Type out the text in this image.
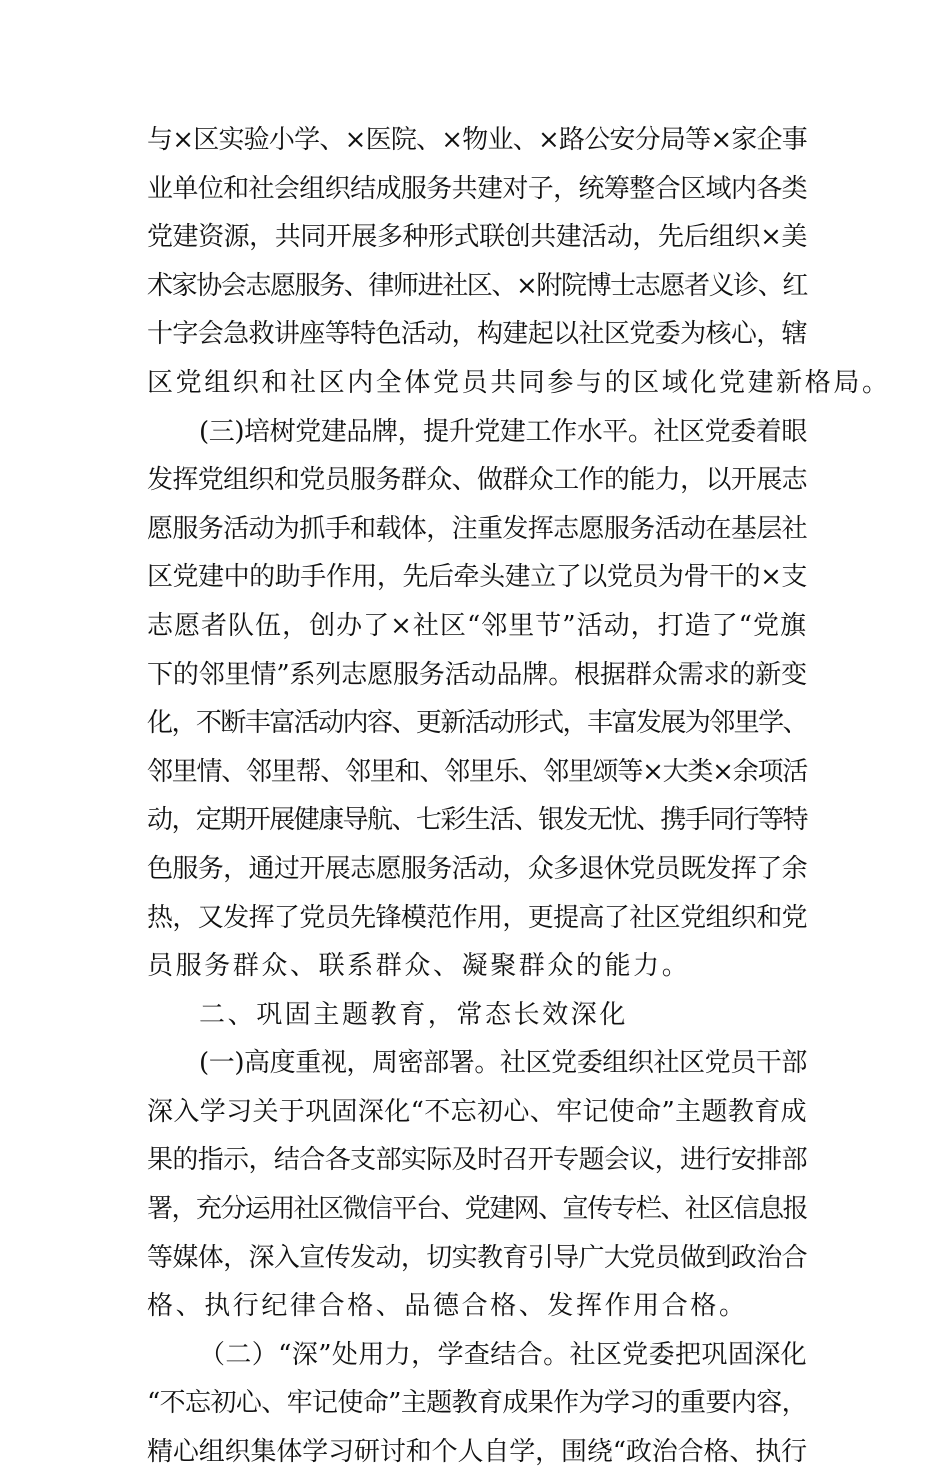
与×区实验小学、×医院、×物业、×路公安分局等×家企事
业单位和社会组织结成服务共建对子，统筹整合区域内各类
党建资源，共同开展多种形式联创共建活动，先后组织×美
术家协会志愿服务、律师进社区、×附院博士志愿者义诊、红
十字会急救讲座等特色活动，构建起以社区党委为核心，辖
区党组织和社区内全体党员共同参与的区域化党建新格局。
(三)培树党建品牌，提升党建工作水平。社区党委着眼
发挥党组织和党员服务群众、做群众工作的能力，以开展志
愿服务活动为抓手和载体，注重发挥志愿服务活动在基层社
区党建中的助手作用，先后牵头建立了以党员为骨干的×支
志愿者队伍，创办了×社区“邻里节”活动，打造了“党旗
下的邻里情”系列志愿服务活动品牌。根据群众需求的新变
化，不断丰富活动内容、更新活动形式，丰富发展为邻里学、
邻里情、邻里帮、邻里和、邻里乐、邻里颂等×大类×余项活
动，定期开展健康导航、七彩生活、银发无忧、携手同行等特
色服务，通过开展志愿服务活动，众多退休党员既发挥了余
热，又发挥了党员先锋模范作用，更提高了社区党组织和党
员服务群众、联系群众、凝聚群众的能力。
二、巩固主题教育，常态长效深化
(一)高度重视，周密部署。社区党委组织社区党员干部
深入学习关于巩固深化“不忘初心、牢记使命”主题教育成
果的指示，结合各支部实际及时召开专题会议，进行安排部
署，充分运用社区微信平台、党建网、宣传专栏、社区信息报
等媒体，深入宣传发动，切实教育引导广大党员做到政治合
格、执行纪律合格、品德合格、发挥作用合格。
（二）“深”处用力，学查结合。社区党委把巩固深化
“不忘初心、牢记使命”主题教育成果作为学习的重要内容，
精心组织集体学习研讨和个人自学，围绕“政治合格、执行
